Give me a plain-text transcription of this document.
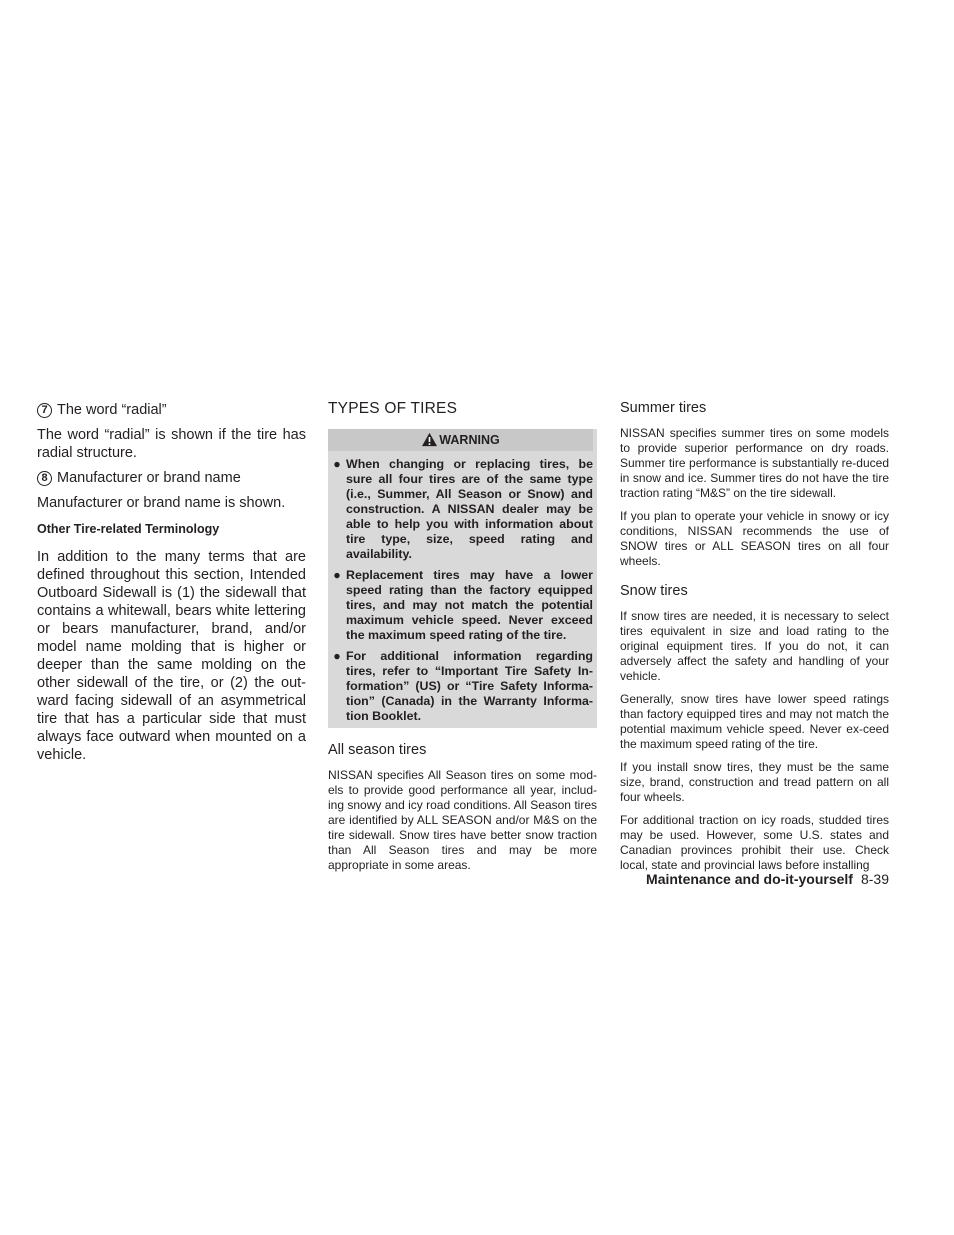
7 The word “radial”

The word “radial” is shown if the tire has radial structure.

8 Manufacturer or brand name

Manufacturer or brand name is shown.

Other Tire-related Terminology

In addition to the many terms that are defined throughout this section, Intended Outboard Sidewall is (1) the sidewall that contains a whitewall, bears white lettering or bears manufacturer, brand, and/or model name molding that is higher or deeper than the same molding on the other sidewall of the tire, or (2) the out-ward facing sidewall of an asymmetrical tire that has a particular side that must always face outward when mounted on a vehicle.

TYPES OF TIRES
WARNING
● When changing or replacing tires, be sure all four tires are of the same type (i.e., Summer, All Season or Snow) and construction. A NISSAN dealer may be able to help you with information about tire type, size, speed rating and availability.
● Replacement tires may have a lower speed rating than the factory equipped tires, and may not match the potential maximum vehicle speed. Never exceed the maximum speed rating of the tire.
● For additional information regarding tires, refer to “Important Tire Safety In-formation” (US) or “Tire Safety Informa-tion” (Canada) in the Warranty Informa-tion Booklet.
All season tires

NISSAN specifies All Season tires on some mod-els to provide good performance all year, includ-ing snowy and icy road conditions. All Season tires are identified by ALL SEASON and/or M&S on the tire sidewall. Snow tires have better snow traction than All Season tires and may be more appropriate in some areas.

Summer tires

NISSAN specifies summer tires on some models to provide superior performance on dry roads. Summer tire performance is substantially re-duced in snow and ice. Summer tires do not have the tire traction rating “M&S” on the tire sidewall.

If you plan to operate your vehicle in snowy or icy conditions, NISSAN recommends the use of SNOW tires or ALL SEASON tires on all four wheels.

Snow tires

If snow tires are needed, it is necessary to select tires equivalent in size and load rating to the original equipment tires. If you do not, it can adversely affect the safety and handling of your vehicle.

Generally, snow tires have lower speed ratings than factory equipped tires and may not match the potential maximum vehicle speed. Never ex-ceed the maximum speed rating of the tire.

If you install snow tires, they must be the same size, brand, construction and tread pattern on all four wheels.

For additional traction on icy roads, studded tires may be used. However, some U.S. states and Canadian provinces prohibit their use. Check local, state and provincial laws before installing

Maintenance and do-it-yourself 8-39
